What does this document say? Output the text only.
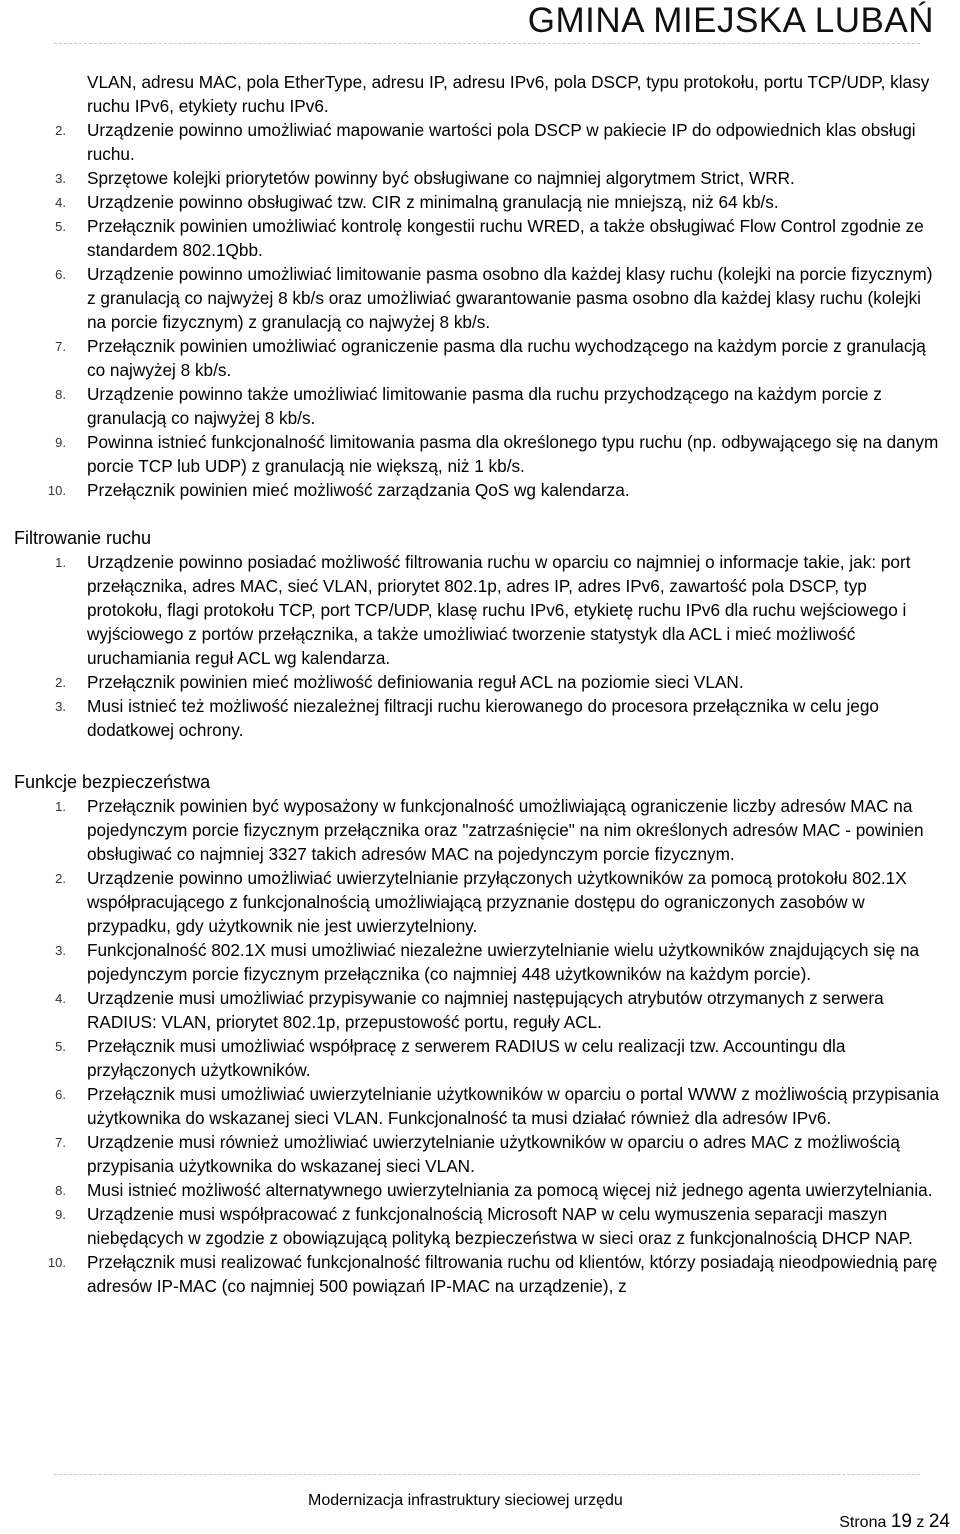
GMINA MIEJSKA LUBAŃ
VLAN, adresu MAC, pola EtherType, adresu IP, adresu IPv6, pola DSCP, typu protokołu, portu TCP/UDP, klasy ruchu IPv6, etykiety ruchu IPv6.
2. Urządzenie powinno umożliwiać mapowanie wartości pola DSCP w pakiecie IP do odpowiednich klas obsługi ruchu.
3. Sprzętowe kolejki priorytetów powinny być obsługiwane co najmniej algorytmem Strict, WRR.
4. Urządzenie powinno obsługiwać tzw. CIR z minimalną granulacją nie mniejszą, niż 64 kb/s.
5. Przełącznik powinien umożliwiać kontrolę kongestii ruchu WRED, a także obsługiwać Flow Control zgodnie ze standardem 802.1Qbb.
6. Urządzenie powinno umożliwiać limitowanie pasma osobno dla każdej klasy ruchu (kolejki na porcie fizycznym) z granulacją co najwyżej 8 kb/s oraz umożliwiać gwarantowanie pasma osobno dla każdej klasy ruchu (kolejki na porcie fizycznym) z granulacją co najwyżej 8 kb/s.
7. Przełącznik powinien umożliwiać ograniczenie pasma dla ruchu wychodzącego na każdym porcie z granulacją co najwyżej 8 kb/s.
8. Urządzenie powinno także umożliwiać limitowanie pasma dla ruchu przychodzącego na każdym porcie z granulacją co najwyżej 8 kb/s.
9. Powinna istnieć funkcjonalność limitowania pasma dla określonego typu ruchu (np. odbywającego się na danym porcie TCP lub UDP) z granulacją nie większą, niż 1 kb/s.
10. Przełącznik powinien mieć możliwość zarządzania QoS wg kalendarza.
Filtrowanie ruchu
1. Urządzenie powinno posiadać możliwość filtrowania ruchu w oparciu co najmniej o informacje takie, jak: port przełącznika, adres MAC, sieć VLAN, priorytet 802.1p, adres IP, adres IPv6, zawartość pola DSCP, typ protokołu, flagi protokołu TCP, port TCP/UDP, klasę ruchu IPv6, etykietę ruchu IPv6 dla ruchu wejściowego i wyjściowego z portów przełącznika, a także umożliwiać tworzenie statystyk dla ACL i mieć możliwość uruchamiania reguł ACL wg kalendarza.
2. Przełącznik powinien mieć możliwość definiowania reguł ACL na poziomie sieci VLAN.
3. Musi istnieć też możliwość niezależnej filtracji ruchu kierowanego do procesora przełącznika w celu jego dodatkowej ochrony.
Funkcje bezpieczeństwa
1. Przełącznik powinien być wyposażony w funkcjonalność umożliwiającą ograniczenie liczby adresów MAC na pojedynczym porcie fizycznym przełącznika oraz "zatrzaśnięcie" na nim określonych adresów MAC - powinien obsługiwać co najmniej 3327 takich adresów MAC na pojedynczym porcie fizycznym.
2. Urządzenie powinno umożliwiać uwierzytelnianie przyłączonych użytkowników za pomocą protokołu 802.1X współpracującego z funkcjonalnością umożliwiającą przyznanie dostępu do ograniczonych zasobów w przypadku, gdy użytkownik nie jest uwierzytelniony.
3. Funkcjonalność 802.1X musi umożliwiać niezależne uwierzytelnianie wielu użytkowników znajdujących się na pojedynczym porcie fizycznym przełącznika (co najmniej 448 użytkowników na każdym porcie).
4. Urządzenie musi umożliwiać przypisywanie co najmniej następujących atrybutów otrzymanych z serwera RADIUS: VLAN, priorytet 802.1p, przepustowość portu, reguły ACL.
5. Przełącznik musi umożliwiać współpracę z serwerem RADIUS w celu realizacji tzw. Accountingu dla przyłączonych użytkowników.
6. Przełącznik musi umożliwiać uwierzytelnianie użytkowników w oparciu o portal WWW z możliwością przypisania użytkownika do wskazanej sieci VLAN. Funkcjonalność ta musi działać również dla adresów IPv6.
7. Urządzenie musi również umożliwiać uwierzytelnianie użytkowników w oparciu o adres MAC z możliwością przypisania użytkownika do wskazanej sieci VLAN.
8. Musi istnieć możliwość alternatywnego uwierzytelniania za pomocą więcej niż jednego agenta uwierzytelniania.
9. Urządzenie musi współpracować z funkcjonalnością Microsoft NAP w celu wymuszenia separacji maszyn niebędących w zgodzie z obowiązującą polityką bezpieczeństwa w sieci oraz z funkcjonalnością DHCP NAP.
10. Przełącznik musi realizować funkcjonalność filtrowania ruchu od klientów, którzy posiadają nieodpowiednią parę adresów IP-MAC (co najmniej 500 powiązań IP-MAC na urządzenie), z
Modernizacja infrastruktury sieciowej urzędu
Strona 19 z 24
